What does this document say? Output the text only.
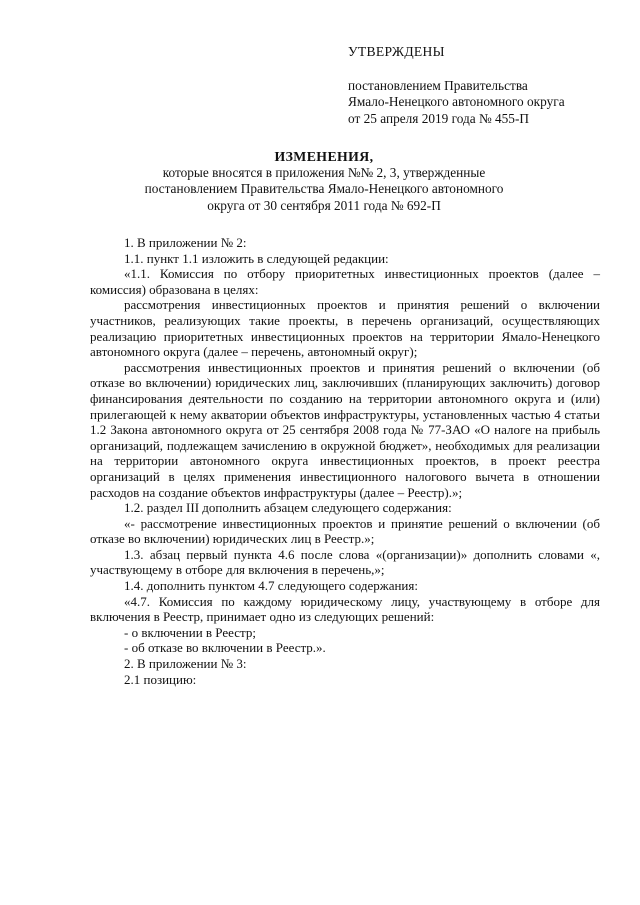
УТВЕРЖДЕНЫ
постановлением Правительства
Ямало-Ненецкого автономного округа
от 25 апреля 2019 года № 455-П
ИЗМЕНЕНИЯ,
которые вносятся в приложения №№ 2, 3, утвержденные
постановлением Правительства Ямало-Ненецкого автономного
округа от 30 сентября 2011 года № 692-П

1. В приложении № 2:

1.1. пункт 1.1 изложить в следующей редакции:

«1.1. Комиссия по отбору приоритетных инвестиционных проектов (далее – комиссия) образована в целях:

рассмотрения инвестиционных проектов и принятия решений о включении участников, реализующих такие проекты, в перечень организаций, осуществляющих реализацию приоритетных инвестиционных проектов на территории Ямало-Ненецкого автономного округа (далее – перечень, автономный округ);

рассмотрения инвестиционных проектов и принятия решений о включении (об отказе во включении) юридических лиц, заключивших (планирующих заключить) договор финансирования деятельности по созданию на территории автономного округа и (или) прилегающей к нему акватории объектов инфраструктуры, установленных частью 4 статьи 1.2 Закона автономного округа от 25 сентября 2008 года № 77-ЗАО «О налоге на прибыль организаций, подлежащем зачислению в окружной бюджет», необходимых для реализации на территории автономного округа инвестиционных проектов, в проект реестра организаций в целях применения инвестиционного налогового вычета в отношении расходов на создание объектов инфраструктуры (далее – Реестр).»;

1.2. раздел III дополнить абзацем следующего содержания:

«- рассмотрение инвестиционных проектов и принятие решений о включении (об отказе во включении) юридических лиц в Реестр.»;

1.3. абзац первый пункта 4.6 после слова «(организации)» дополнить словами «, участвующему в отборе для включения в перечень,»;

1.4. дополнить пунктом 4.7 следующего содержания:

«4.7. Комиссия по каждому юридическому лицу, участвующему в отборе для включения в Реестр, принимает одно из следующих решений:

- о включении в Реестр;

- об отказе во включении в Реестр.».

2. В приложении № 3:

2.1 позицию:
